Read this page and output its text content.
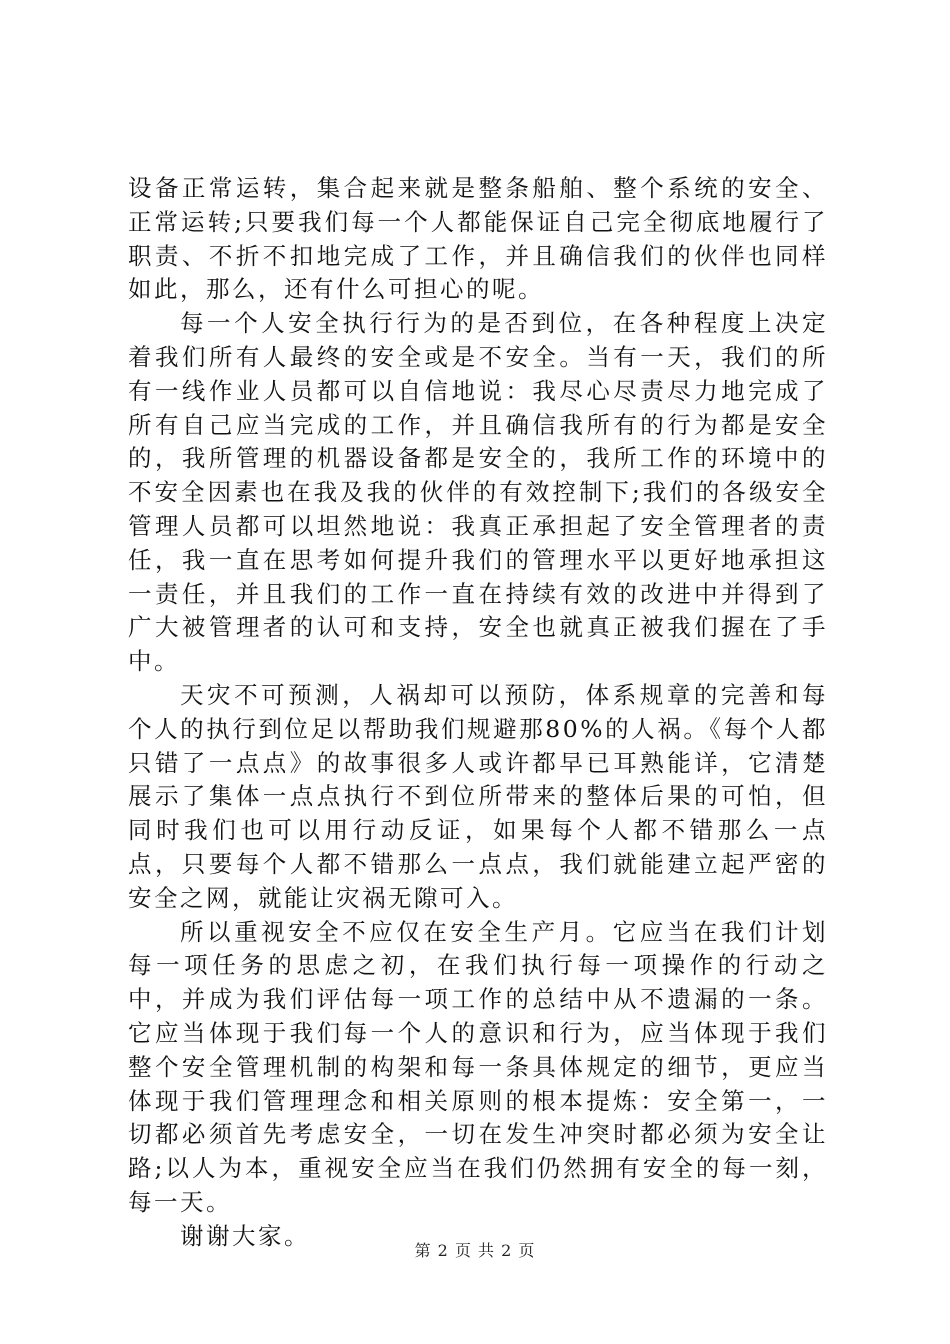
设备正常运转，集合起来就是整条船舶、整个系统的安全、正常运转;只要我们每一个人都能保证自己完全彻底地履行了职责、不折不扣地完成了工作，并且确信我们的伙伴也同样如此，那么，还有什么可担心的呢。

每一个人安全执行行为的是否到位，在各种程度上决定着我们所有人最终的安全或是不安全。当有一天，我们的所有一线作业人员都可以自信地说：我尽心尽责尽力地完成了所有自己应当完成的工作，并且确信我所有的行为都是安全的，我所管理的机器设备都是安全的，我所工作的环境中的不安全因素也在我及我的伙伴的有效控制下;我们的各级安全管理人员都可以坦然地说：我真正承担起了安全管理者的责任，我一直在思考如何提升我们的管理水平以更好地承担这一责任，并且我们的工作一直在持续有效的改进中并得到了广大被管理者的认可和支持，安全也就真正被我们握在了手中。

天灾不可预测，人祸却可以预防，体系规章的完善和每个人的执行到位足以帮助我们规避那80%的人祸。《每个人都只错了一点点》的故事很多人或许都早已耳熟能详，它清楚展示了集体一点点执行不到位所带来的整体后果的可怕，但同时我们也可以用行动反证，如果每个人都不错那么一点点，只要每个人都不错那么一点点，我们就能建立起严密的安全之网，就能让灾祸无隙可入。

所以重视安全不应仅在安全生产月。它应当在我们计划每一项任务的思虑之初，在我们执行每一项操作的行动之中，并成为我们评估每一项工作的总结中从不遗漏的一条。它应当体现于我们每一个人的意识和行为，应当体现于我们整个安全管理机制的构架和每一条具体规定的细节，更应当体现于我们管理理念和相关原则的根本提炼：安全第一，一切都必须首先考虑安全，一切在发生冲突时都必须为安全让路;以人为本，重视安全应当在我们仍然拥有安全的每一刻，每一天。

谢谢大家。

第 2 页 共 2 页
